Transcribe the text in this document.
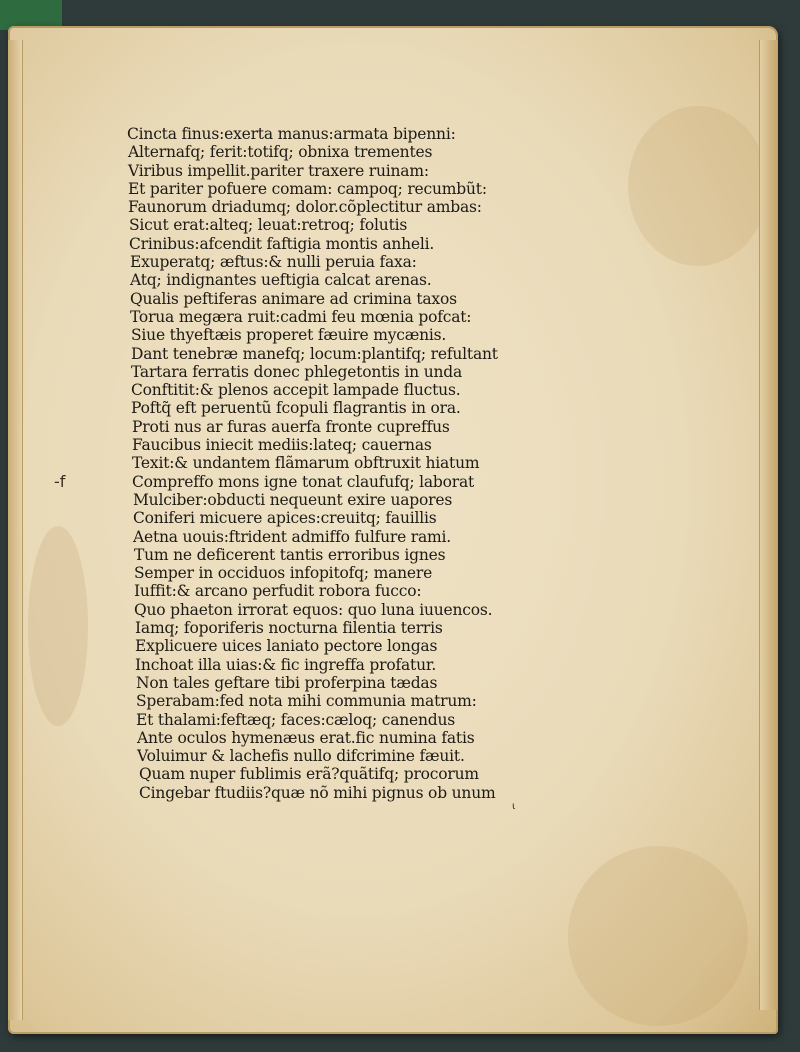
-f
ɩ
Cincta finus:exerta manus:armata bipenni:
Alternafq; ferit:totifq; obnixa trementes
Viribus impellit.pariter traxere ruinam:
Et pariter pofuere comam: campoq; recumbũt:
Faunorum driadumq; dolor.cõplectitur ambas:
Sicut erat:alteq; leuat:retroq; folutis
Crinibus:afcendit faftigia montis anheli.
Exuperatq; æftus:& nulli peruia faxa:
Atq; indignantes ueftigia calcat arenas.
Qualis peftiferas animare ad crimina taxos
Torua megæra ruit:cadmi feu mœnia pofcat:
Siue thyeftæis properet fæuire mycænis.
Dant tenebræ manefq; locum:plantifq; refultant
Tartara ferratis donec phlegetontis in unda
Conftitit:& plenos accepit lampade fluctus.
Poftq̃ eft peruentũ fcopuli flagrantis in ora.
Proti nus ar furas auerfa fronte cupreffus
Faucibus iniecit mediis:lateq; cauernas
Texit:& undantem flãmarum obftruxit hiatum
Compreffo mons igne tonat claufufq; laborat
Mulciber:obducti nequeunt exire uapores
Coniferi micuere apices:creuitq; fauillis
Aetna uouis:ftrident admiffo fulfure rami.
Tum ne deficerent tantis erroribus ignes
Semper in occiduos infopitofq; manere
Iuffit:& arcano perfudit robora fucco:
Quo phaeton irrorat equos: quo luna iuuencos.
Iamq; foporiferis nocturna filentia terris
Explicuere uices laniato pectore longas
Inchoat illa uias:& fic ingreffa profatur.
Non tales geftare tibi proferpina tædas
Sperabam:fed nota mihi communia matrum:
Et thalami:feftæq; faces:cæloq; canendus
Ante oculos hymenæus erat.fic numina fatis
Voluimur & lachefis nullo difcrimine fæuit.
Quam nuper fublimis erã?quãtifq; procorum
Cingebar ftudiis?quæ nõ mihi pignus ob unum
